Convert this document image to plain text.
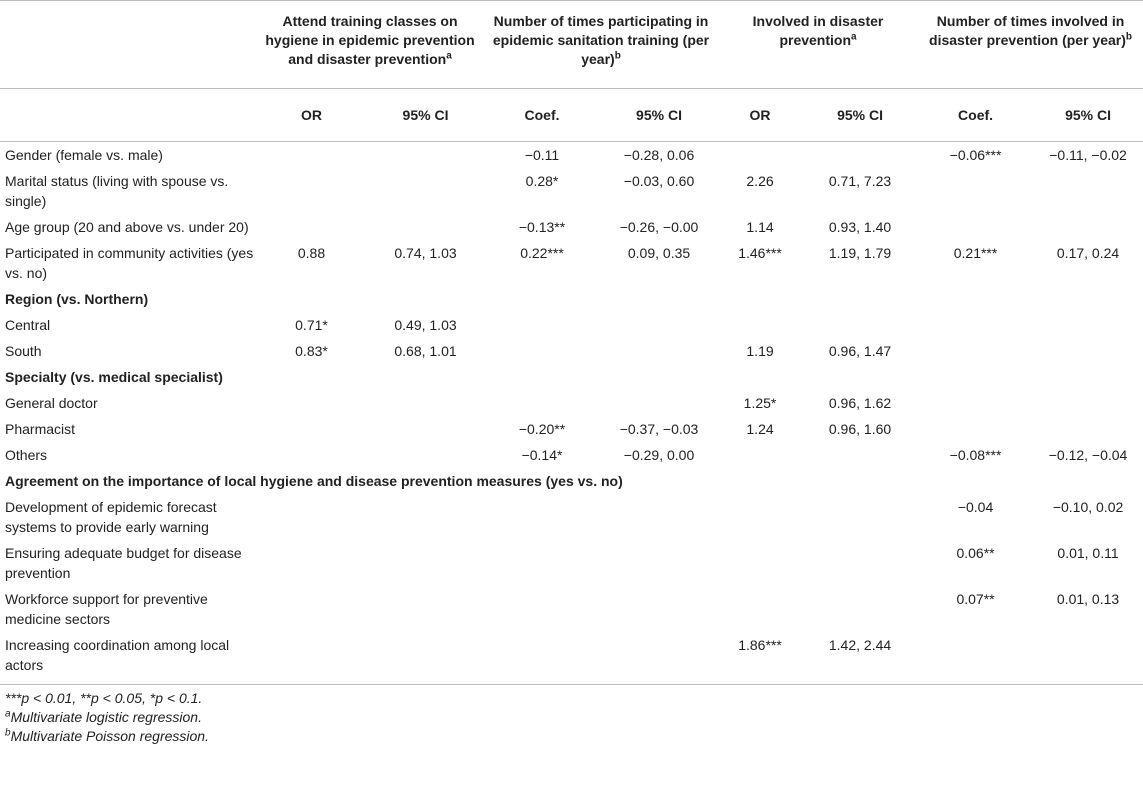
	Attend training classes on hygiene in epidemic prevention and disaster prevention$^a$		Number of times participating in epidemic sanitation training (per year)$^b$		Involved in disaster prevention$^a$		Number of times involved in disaster prevention (per year)$^b$
	OR	95% CI	Coef.	95% CI	OR	95% CI	Coef.	95% CI
Gender (female vs. male)			−0.11	−0.28, 0.06			−0.06***	−0.11, −0.02
Marital status (living with spouse vs. single)			0.28*	−0.03, 0.60	2.26	0.71, 7.23		
Age group (20 and above vs. under 20)			−0.13**	−0.26, −0.00	1.14	0.93, 1.40		
Participated in community activities (yes vs. no)	0.88	0.74, 1.03	0.22***	0.09, 0.35	1.46***	1.19, 1.79	0.21***	0.17, 0.24
Region (vs. Northern)								
Central	0.71*	0.49, 1.03						
South	0.83*	0.68, 1.01			1.19	0.96, 1.47		
Specialty (vs. medical specialist)								
General doctor					1.25*	0.96, 1.62		
Pharmacist			−0.20**	−0.37, −0.03	1.24	0.96, 1.60		
Others			−0.14*	−0.29, 0.00			−0.08***	−0.12, −0.04
Agreement on the importance of local hygiene and disease prevention measures (yes vs. no)								
Development of epidemic forecast systems to provide early warning							−0.04	−0.10, 0.02
Ensuring adequate budget for disease prevention							0.06**	0.01, 0.11
Workforce support for preventive medicine sectors							0.07**	0.01, 0.13
Increasing coordination among local actors					1.86***	1.42, 2.44		
***p < 0.01, **p < 0.05, *p < 0.1.
$^a$Multivariate logistic regression.
$^b$Multivariate Poisson regression.
